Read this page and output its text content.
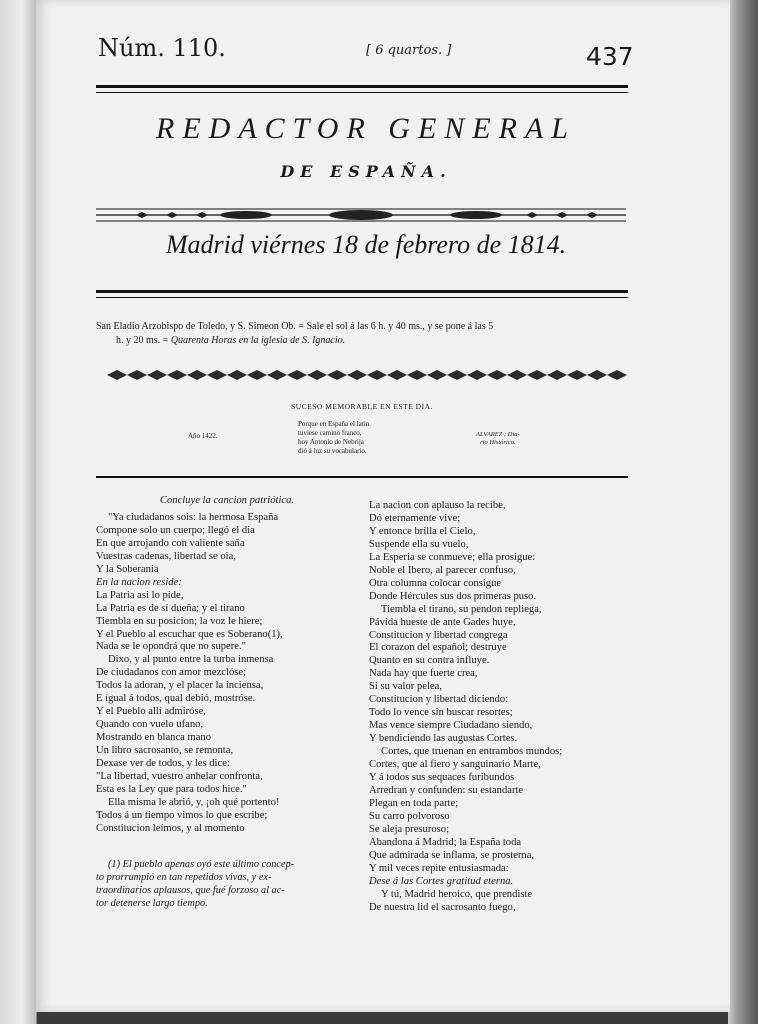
Núm. 110.	[ 6 quartos. ]	437
REDACTOR GENERAL
DE ESPAÑA.
Madrid viérnes 18 de febrero de 1814.
San Eladio Arzobispo de Toledo, y S. Simeon Ob. = Sale el sol á las 6 h. y 40 ms., y se pone á las 5
h. y 20 ms. = Quarenta Horas en la iglesia de S. Ignacio.
SUCESO MEMORABLE EN ESTE DIA.
Año 1422.
Porque en España el latin
tuviese camino franco,
hoy Antonio de Nebrija
dió á luz su vocabulario.
ALVAREZ ; Dia-
rio Histórico.
Concluye la cancion patriótica.
"Ya ciudadanos sois: la hermosa España
Compone solo un cuerpo; llegó el dia
En que arrojando con valiente saña
Vuestras cadenas, libertad se oia,
Y la Soberania
En la nacion reside:
La Patria asi lo pide,
La Patria es de sí dueña; y el tirano
Tiembla en su posicion; la voz le hiere;
Y el Pueblo al escuchar que es Soberano(1),
Nada se le opondrá que no supere."
Dixo, y al punto entre la turba inmensa
De ciudadanos con amor mezclóse;
Todos la adoran, y el placer la inciensa,
E igual á todos, qual debió, mostróse.
Y el Pueblo allí admiróse,
Quando con vuelo ufano,
Mostrando en blanca mano
Un libro sacrosanto, se remonta,
Dexase ver de todos, y les dice:
"La libertad, vuestro anhelar confronta,
Esta es la Ley que para todos hice."
Ella misma le abrió, y, ¡oh qué portento!
Todos á un tiempo vimos lo que escribe;
Constitucion leímos, y al momento
(1) El pueblo apenas oyó este último concep-
to prorrumpió en tan repetidos vivas, y ex-
traordinarios aplausos, que fué forzoso al ac-
tor detenerse largo tiempo.
La nacion con aplauso la recibe,
Dó eternamente vive;
Y entonce brilla el Cielo,
Suspende ella su vuelo,
La Esperia se conmueve; ella prosigue:
Noble el Ibero, al parecer confuso,
Otra columna colocar consigue
Donde Hércules sus dos primeras puso.
Tiembla el tirano, su pendon repliega,
Pávida hueste de ante Gades huye,
Constitucion y libertad congrega
El corazon del español; destruye
Quanto en su contra influye.
Nada hay que fuerte crea,
Si su valor pelea,
Constitucion y libertad diciendo:
Todo lo vence sin buscar resortes;
Mas vence siempre Ciudadano siendo,
Y bendiciendo las augustas Cortes.
Cortes, que truenan en entrambos mundos;
Cortes, que al fiero y sanguinario Marte,
Y á todos sus sequaces furibundos
Arredran y confunden: su estandarte
Plegan en toda parte;
Su carro polvoroso
Se aleja presuroso;
Abandona á Madrid; la España toda
Que admirada se inflama, se prosterna,
Y mil veces repite entusiasmada:
Dese á las Cortes gratitud eterna.
Y tú, Madrid heroico, que prendiste
De nuestra lid el sacrosanto fuego,
